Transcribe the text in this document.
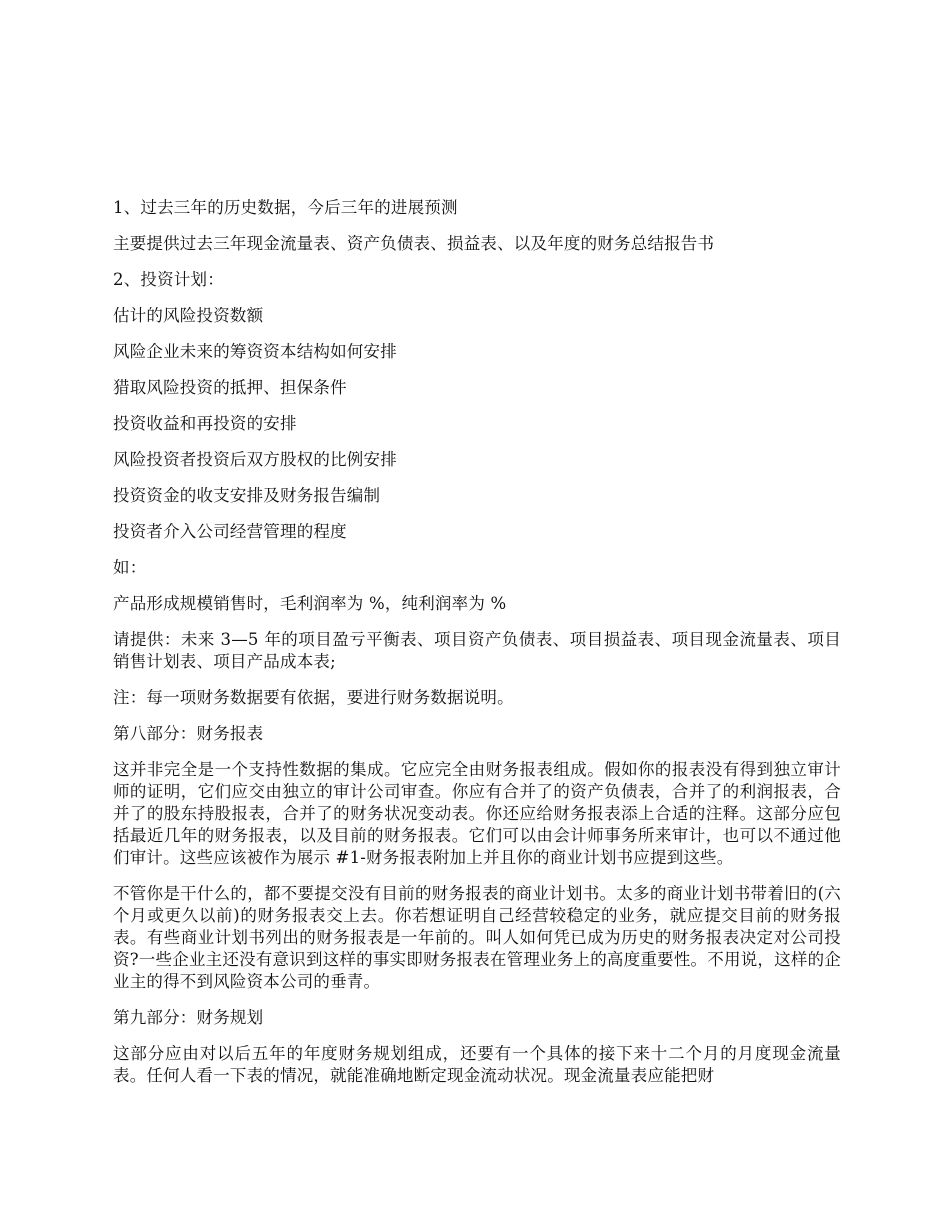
1、过去三年的历史数据，今后三年的进展预测

主要提供过去三年现金流量表、资产负债表、损益表、以及年度的财务总结报告书

2、投资计划：

估计的风险投资数额

风险企业未来的筹资资本结构如何安排

猎取风险投资的抵押、担保条件

投资收益和再投资的安排

风险投资者投资后双方股权的比例安排

投资资金的收支安排及财务报告编制

投资者介入公司经营管理的程度

如：

产品形成规模销售时，毛利润率为 %，纯利润率为 %

请提供：未来 3—5 年的项目盈亏平衡表、项目资产负债表、项目损益表、项目现金流量表、项目销售计划表、项目产品成本表;

注：每一项财务数据要有依据，要进行财务数据说明。

第八部分：财务报表

这并非完全是一个支持性数据的集成。它应完全由财务报表组成。假如你的报表没有得到独立审计师的证明，它们应交由独立的审计公司审查。你应有合并了的资产负债表，合并了的利润报表，合并了的股东持股报表，合并了的财务状况变动表。你还应给财务报表添上合适的注释。这部分应包括最近几年的财务报表，以及目前的财务报表。它们可以由会计师事务所来审计，也可以不通过他们审计。这些应该被作为展示 #1-财务报表附加上并且你的商业计划书应提到这些。

不管你是干什么的，都不要提交没有目前的财务报表的商业计划书。太多的商业计划书带着旧的(六个月或更久以前)的财务报表交上去。你若想证明自己经营较稳定的业务，就应提交目前的财务报表。有些商业计划书列出的财务报表是一年前的。叫人如何凭已成为历史的财务报表决定对公司投资?一些企业主还没有意识到这样的事实即财务报表在管理业务上的高度重要性。不用说，这样的企业主的得不到风险资本公司的垂青。

第九部分：财务规划

这部分应由对以后五年的年度财务规划组成，还要有一个具体的接下来十二个月的月度现金流量表。任何人看一下表的情况，就能准确地断定现金流动状况。现金流量表应能把财
